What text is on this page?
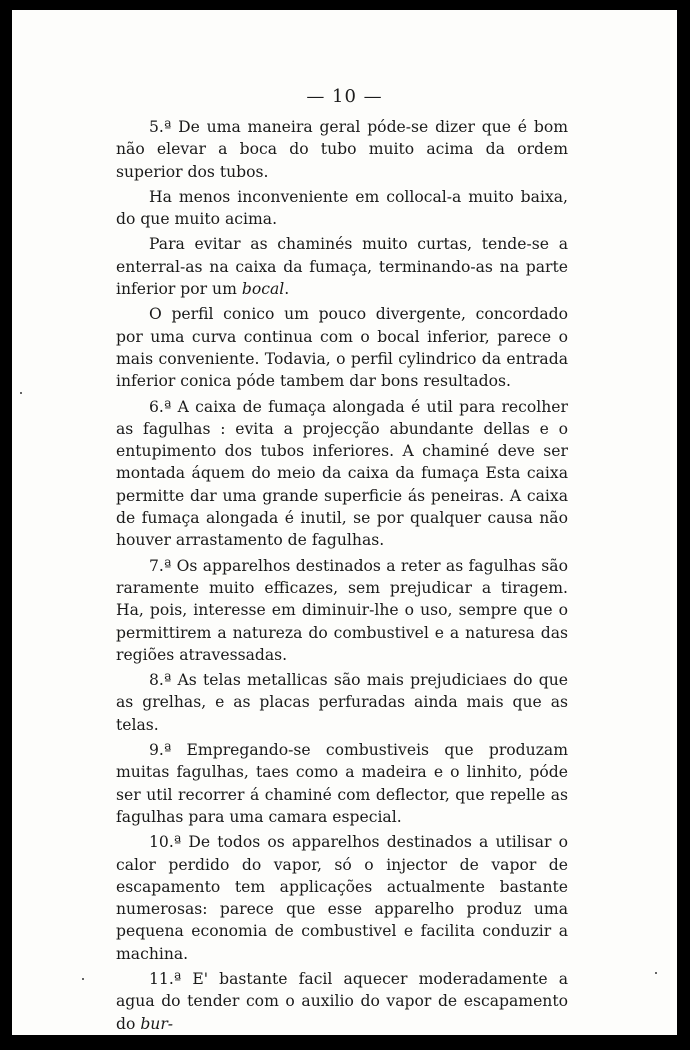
— 10 —

5.ª De uma maneira geral póde-se dizer que é bom não elevar a boca do tubo muito acima da ordem superior dos tubos.

Ha menos inconveniente em collocal-a muito baixa, do que muito acima.

Para evitar as chaminés muito curtas, tende-se a enterral-as na caixa da fumaça, terminando-as na parte inferior por um bocal.

O perfil conico um pouco divergente, concordado por uma curva continua com o bocal inferior, parece o mais conveniente. Todavia, o perfil cylindrico da entrada inferior conica póde tambem dar bons resultados.

6.ª A caixa de fumaça alongada é util para recolher as fagulhas : evita a projecção abundante dellas e o entupimento dos tubos inferiores. A chaminé deve ser montada áquem do meio da caixa da fumaça Esta caixa permitte dar uma grande superficie ás peneiras. A caixa de fumaça alongada é inutil, se por qualquer causa não houver arrastamento de fagulhas.

7.ª Os apparelhos destinados a reter as fagulhas são raramente muito efficazes, sem prejudicar a tiragem. Ha, pois, interesse em diminuir-lhe o uso, sempre que o permittirem a natureza do combustivel e a naturesa das regiões atravessadas.

8.ª As telas metallicas são mais prejudiciaes do que as grelhas, e as placas perfuradas ainda mais que as telas.

9.ª Empregando-se combustiveis que produzam muitas fagulhas, taes como a madeira e o linhito, póde ser util recorrer á chaminé com deflector, que repelle as fagulhas para uma camara especial.

10.ª De todos os apparelhos destinados a utilisar o calor perdido do vapor, só o injector de vapor de escapamento tem applicações actualmente bastante numerosas: parece que esse apparelho produz uma pequena economia de combustivel e facilita conduzir a machina.

11.ª E' bastante facil aquecer moderadamente a agua do tender com o auxilio do vapor de escapamento do bur-
